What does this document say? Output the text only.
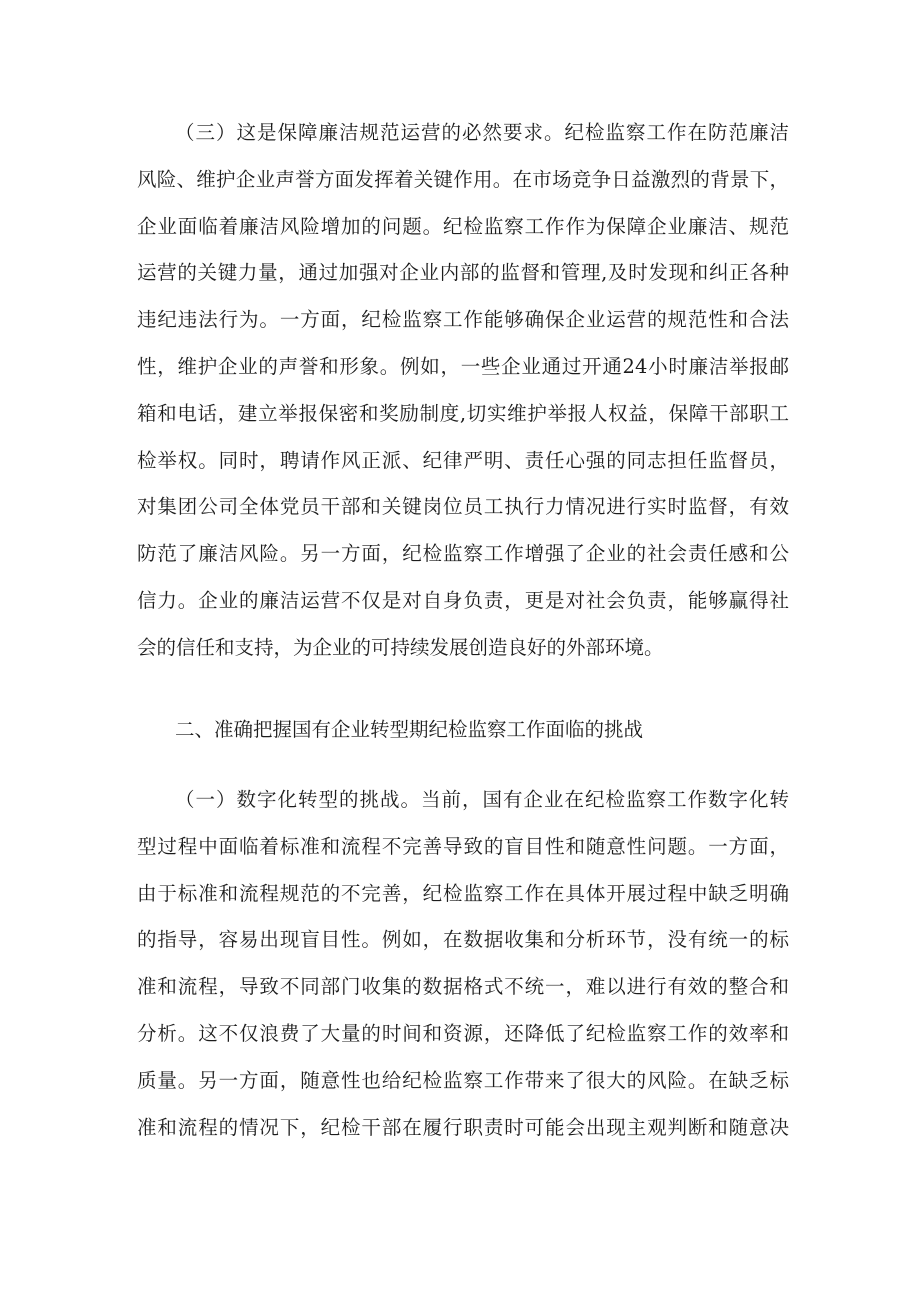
（三）这是保障廉洁规范运营的必然要求。纪检监察工作在防范廉洁
风险、维护企业声誉方面发挥着关键作用。在市场竞争日益激烈的背景下，
企业面临着廉洁风险增加的问题。纪检监察工作作为保障企业廉洁、规范
运营的关键力量，通过加强对企业内部的监督和管理,及时发现和纠正各种
违纪违法行为。一方面，纪检监察工作能够确保企业运营的规范性和合法
性，维护企业的声誉和形象。例如，一些企业通过开通24小时廉洁举报邮
箱和电话，建立举报保密和奖励制度,切实维护举报人权益，保障干部职工
检举权。同时，聘请作风正派、纪律严明、责任心强的同志担任监督员，
对集团公司全体党员干部和关键岗位员工执行力情况进行实时监督，有效
防范了廉洁风险。另一方面，纪检监察工作增强了企业的社会责任感和公
信力。企业的廉洁运营不仅是对自身负责，更是对社会负责，能够赢得社
会的信任和支持，为企业的可持续发展创造良好的外部环境。
二、准确把握国有企业转型期纪检监察工作面临的挑战
（一）数字化转型的挑战。当前，国有企业在纪检监察工作数字化转
型过程中面临着标准和流程不完善导致的盲目性和随意性问题。一方面，
由于标准和流程规范的不完善，纪检监察工作在具体开展过程中缺乏明确
的指导，容易出现盲目性。例如，在数据收集和分析环节，没有统一的标
准和流程，导致不同部门收集的数据格式不统一，难以进行有效的整合和
分析。这不仅浪费了大量的时间和资源，还降低了纪检监察工作的效率和
质量。另一方面，随意性也给纪检监察工作带来了很大的风险。在缺乏标
准和流程的情况下，纪检干部在履行职责时可能会出现主观判断和随意决
